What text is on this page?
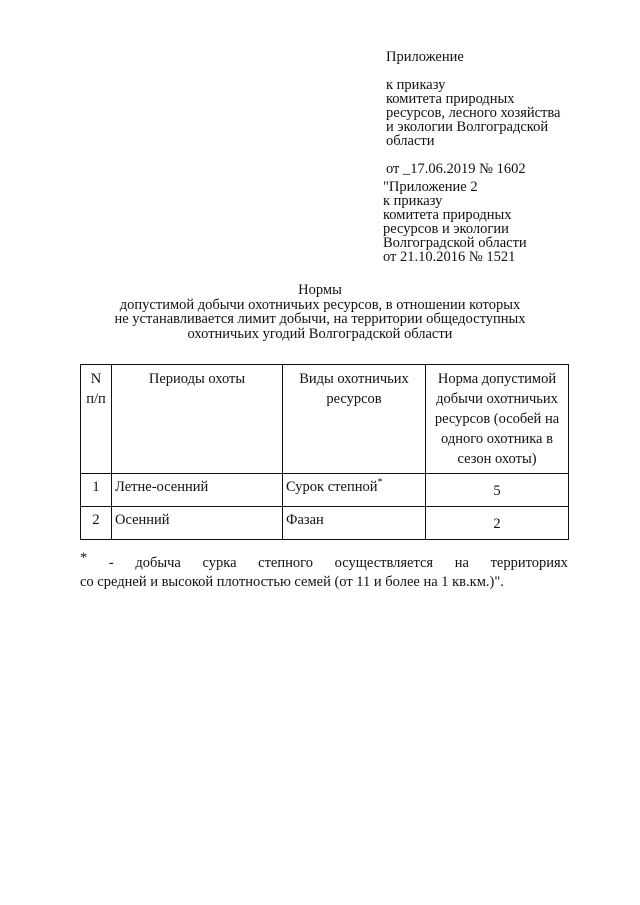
Приложение
к приказу
комитета природных
ресурсов, лесного хозяйства
и экологии Волгоградской
области
от _17.06.2019 № 1602
"Приложение 2
к приказу
комитета природных
ресурсов и экологии
Волгоградской области
от 21.10.2016 № 1521
Нормы
допустимой добычи охотничьих ресурсов, в отношении которых
не устанавливается лимит добычи, на территории общедоступных
охотничьих угодий Волгоградской области
N п/п	Периоды охоты	Виды охотничьих ресурсов	Норма допустимой добычи охотничьих ресурсов (особей на одного охотника в сезон охоты)
1	Летне-осенний	Сурок степной*	5
2	Осенний	Фазан	2
* - добыча сурка степного осуществляется на территориях
со средней и высокой плотностью семей (от 11 и более на 1 кв.км.)".
